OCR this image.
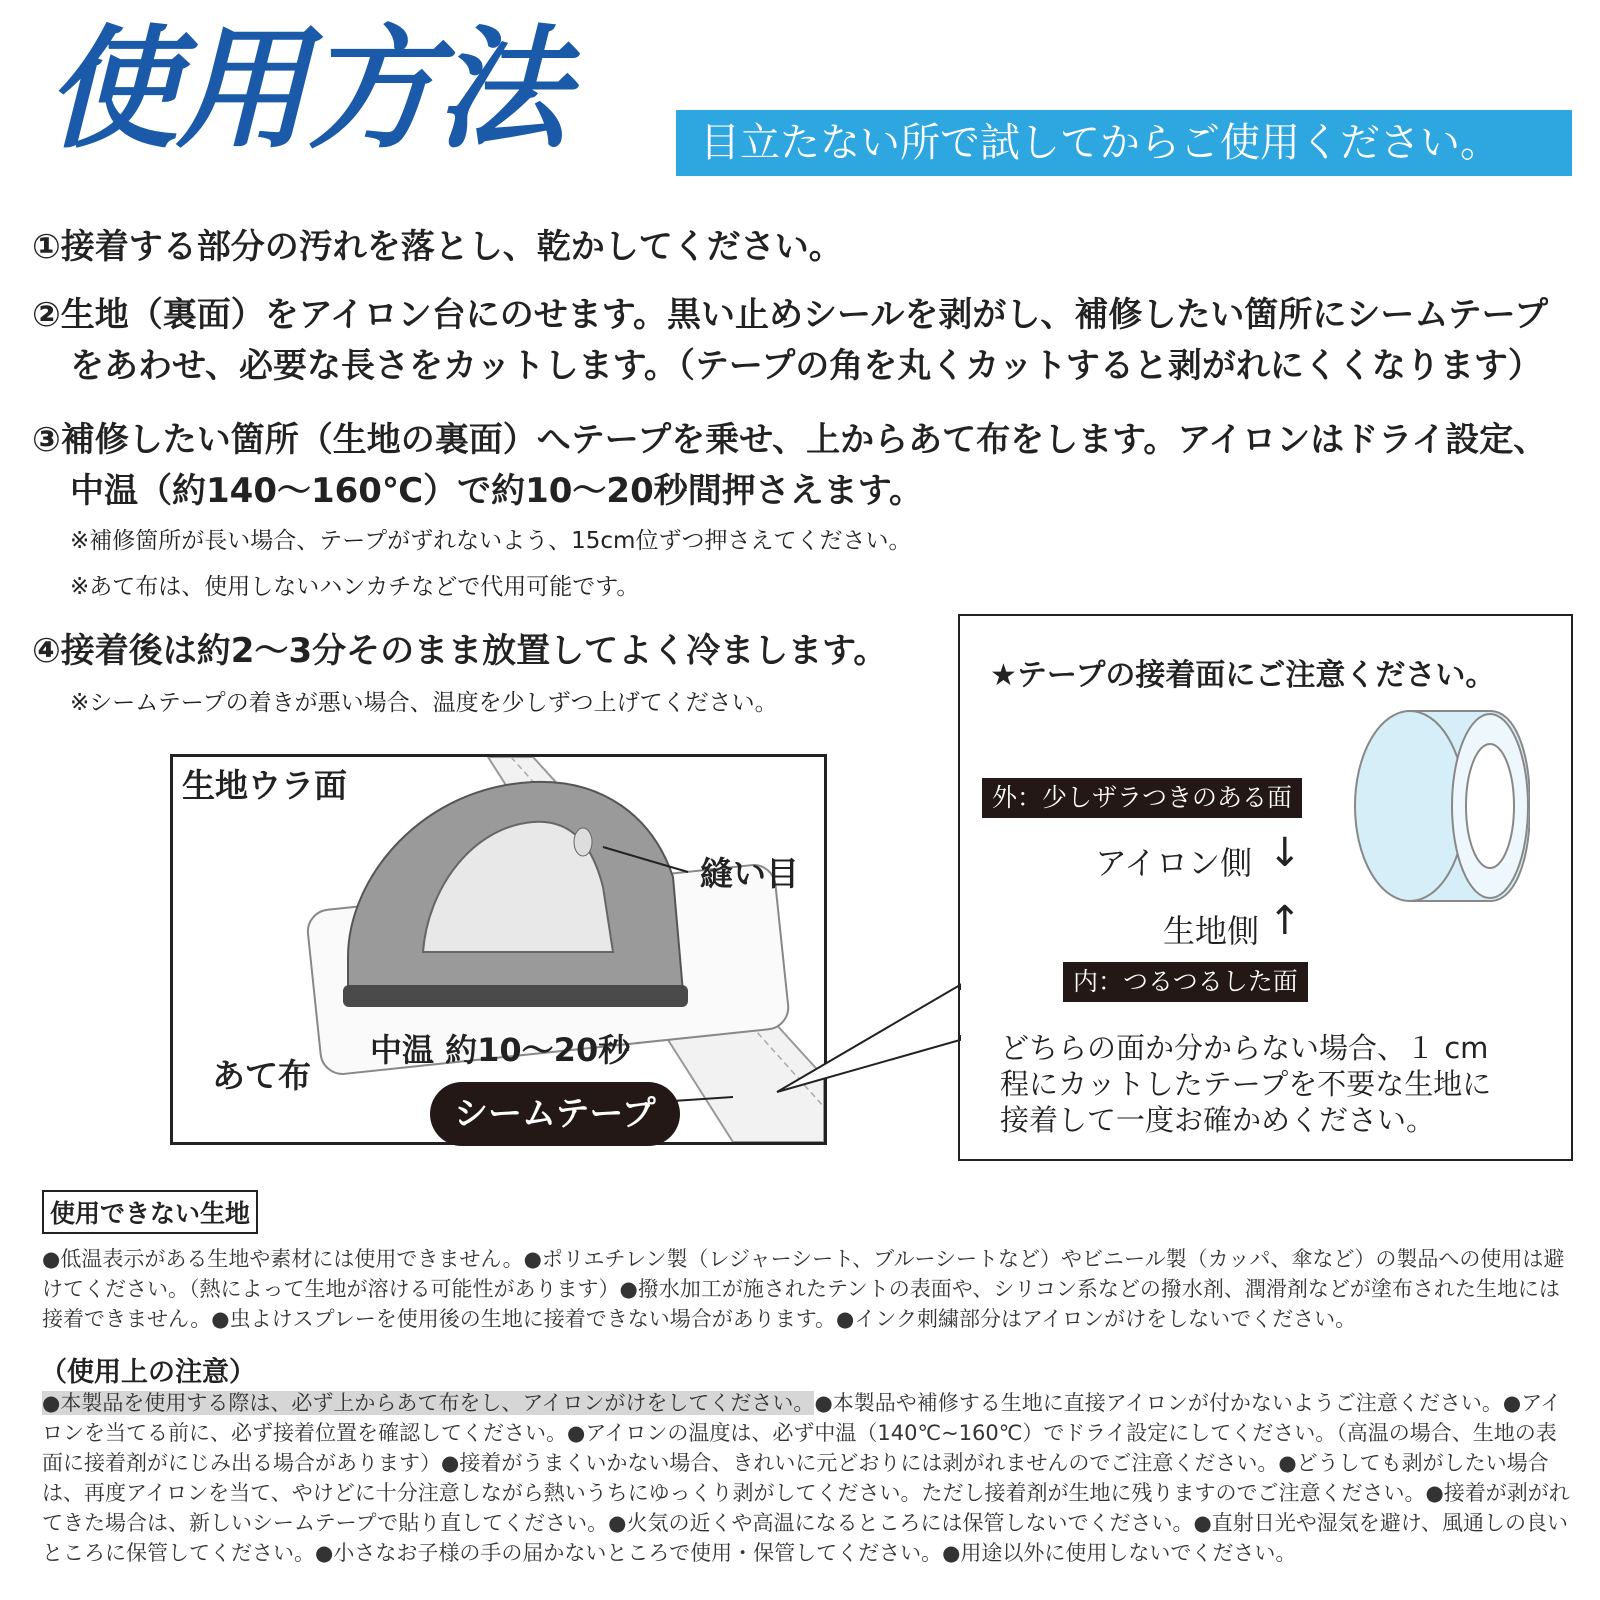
使用方法	目立たない所で試してからご使用ください。
①接着する部分の汚れを落とし、乾かしてください。
②生地（裏面）をアイロン台にのせます。黒い止めシールを剥がし、補修したい箇所にシームテープ
をあわせ、必要な長さをカットします。（テープの角を丸くカットすると剥がれにくくなります）
③補修したい箇所（生地の裏面）へテープを乗せ、上からあて布をします。アイロンはドライ設定、
中温（約140～160℃）で約10～20秒間押さえます。
※補修箇所が長い場合、テープがずれないよう、15cm位ずつ押さえてください。
※あて布は、使用しないハンカチなどで代用可能です。
④接着後は約2～3分そのまま放置してよく冷まします。
※シームテープの着きが悪い場合、温度を少しずつ上げてください。
生地ウラ面
縫い目
中温 約10～20秒
あて布
シームテープ
★テープの接着面にご注意ください。
外：少しザラつきのある面
アイロン側 ↓
生地側 ↑
内：つるつるした面
どちらの面か分からない場合、１ cm
程にカットしたテープを不要な生地に
接着して一度お確かめください。
使用できない生地
●低温表示がある生地や素材には使用できません。●ポリエチレン製（レジャーシート、ブルーシートなど）やビニール製（カッパ、傘など）の製品への使用は避けてください。（熱によって生地が溶ける可能性があります）●撥水加工が施されたテントの表面や、シリコン系などの撥水剤、潤滑剤などが塗布された生地には接着できません。●虫よけスプレーを使用後の生地に接着できない場合があります。●インク刺繍部分はアイロンがけをしないでください。
（使用上の注意）
●本製品を使用する際は、必ず上からあて布をし、アイロンがけをしてください。●本製品や補修する生地に直接アイロンが付かないようご注意ください。●アイロンを当てる前に、必ず接着位置を確認してください。●アイロンの温度は、必ず中温（140℃~160℃）でドライ設定にしてください。（高温の場合、生地の表面に接着剤がにじみ出る場合があります）●接着がうまくいかない場合、きれいに元どおりには剥がれませんのでご注意ください。●どうしても剥がしたい場合は、再度アイロンを当て、やけどに十分注意しながら熱いうちにゆっくり剥がしてください。ただし接着剤が生地に残りますのでご注意ください。●接着が剥がれてきた場合は、新しいシームテープで貼り直してください。●火気の近くや高温になるところには保管しないでください。●直射日光や湿気を避け、風通しの良いところに保管してください。●小さなお子様の手の届かないところで使用・保管してください。●用途以外に使用しないでください。
